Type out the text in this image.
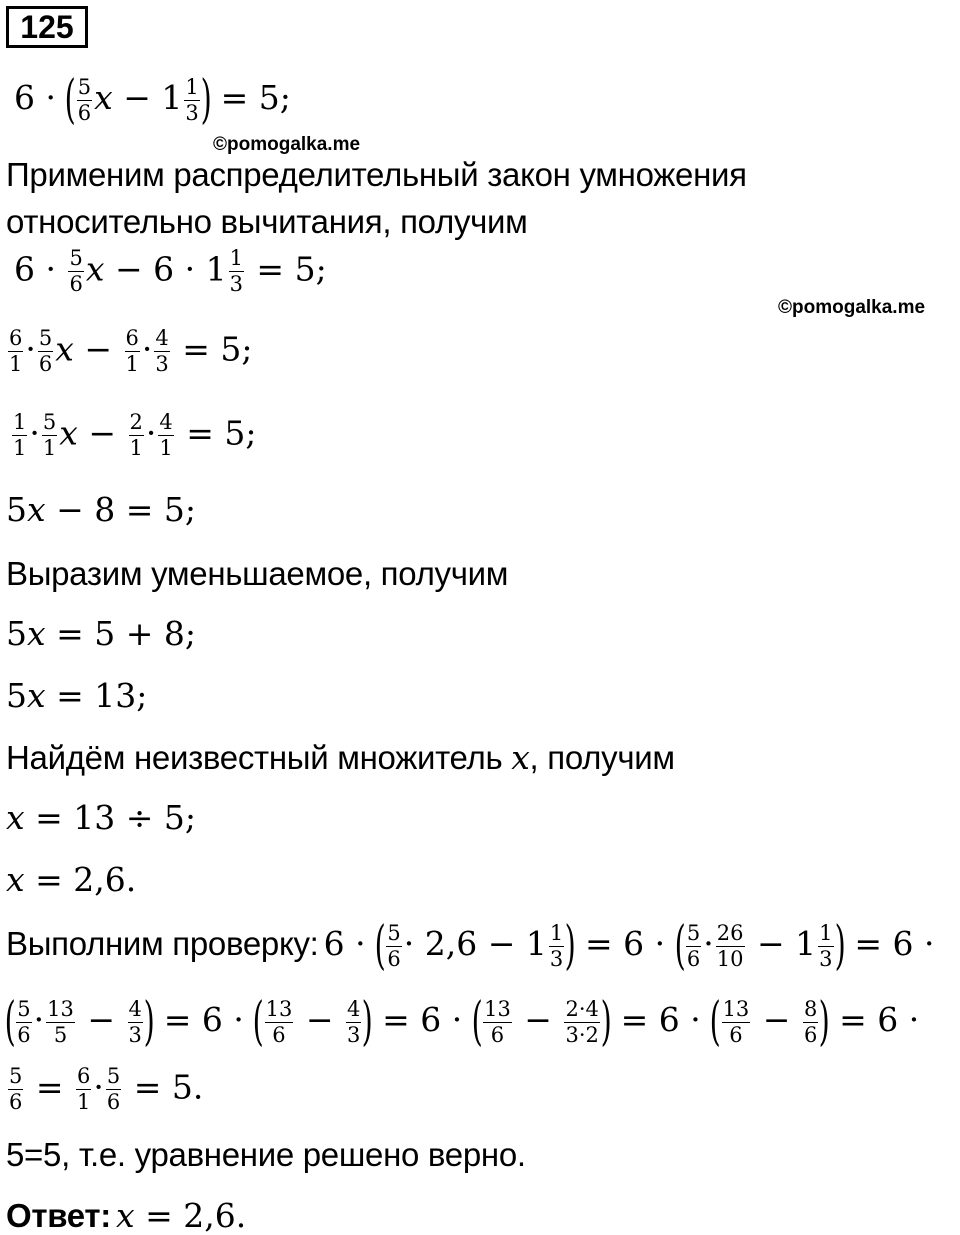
125
6 · ( $\frac{5}{6}$ $x - 1 \frac{1}{3}$ ) = 5;
©pomogalka.me
Применим распределительный закон умножения
относительно вычитания, получим
$6 \cdot \frac{5}{6}$ $x - 6 \cdot 1 \frac{1}{3} = 5$;
©pomogalka.me
$\frac{6}{1} \cdot \frac{5}{6}$ $x - \frac{6}{1} \cdot \frac{4}{3} = 5$;
$\frac{1}{1} \cdot \frac{5}{1}$ $x - \frac{2}{1} \cdot \frac{4}{1} = 5$;
5x − 8 = 5;
Выразим уменьшаемое, получим
5x = 5 + 8;
5x = 13;
Найдём неизвестный множитель x, получим
x = 13 ÷ 5;
x = 2,6.
Выполним проверку: 6 · ( $\frac{5}{6} \cdot 2,6 - 1 \frac{1}{3}$ ) = 6 · ( $\frac{5}{6} \cdot \frac{26}{10} - 1 \frac{1}{3}$ ) = 6 ·
( $\frac{5}{6} \cdot \frac{13}{5} - \frac{4}{3}$ ) = 6 · ( $\frac{13}{6} - \frac{4}{3}$ ) = 6 · ( $\frac{13}{6} - \frac{2\cdot 4}{3\cdot 2}$ ) = 6 · ( $\frac{13}{6} - \frac{8}{6}$ ) = 6 ·
$\frac{5}{6} = \frac{6}{1} \cdot \frac{5}{6} = 5$.
5=5, т.е. уравнение решено верно.
Ответ: x = 2,6.
